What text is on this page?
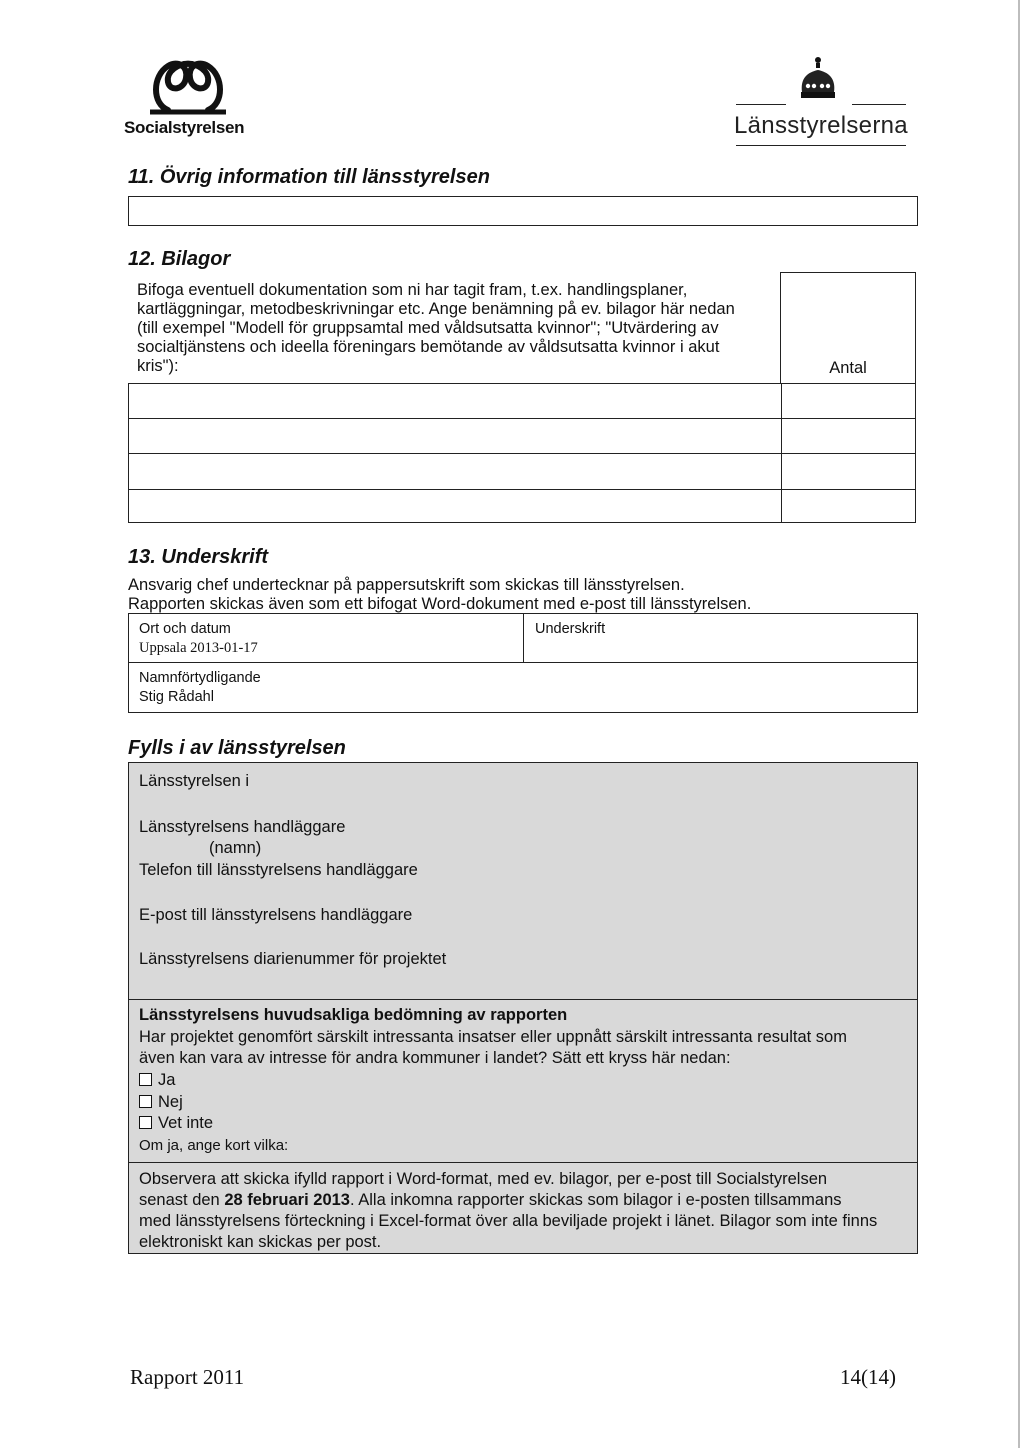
Socialstyrelsen	Länsstyrelserna
11. Övrig information till länsstyrelsen
12. Bilagor
Bifoga eventuell dokumentation som ni har tagit fram, t.ex. handlingsplaner,
kartläggningar, metodbeskrivningar etc. Ange benämning på ev. bilagor här nedan
(till exempel "Modell för gruppsamtal med våldsutsatta kvinnor"; "Utvärdering av
socialtjänstens och ideella föreningars bemötande av våldsutsatta kvinnor i akut
kris"):	Antal
13. Underskrift
Ansvarig chef undertecknar på pappersutskrift som skickas till länsstyrelsen.
Rapporten skickas även som ett bifogat Word-dokument med e-post till länsstyrelsen.
Ort och datum
Uppsala 2013-01-17
Underskrift
Namnförtydligande
Stig Rådahl
Fylls i av länsstyrelsen
Länsstyrelsen i
Länsstyrelsens handläggare
(namn)
Telefon till länsstyrelsens handläggare
E-post till länsstyrelsens handläggare
Länsstyrelsens diarienummer för projektet
Länsstyrelsens huvudsakliga bedömning av rapporten
Har projektet genomfört särskilt intressanta insatser eller uppnått särskilt intressanta resultat som
även kan vara av intresse för andra kommuner i landet? Sätt ett kryss här nedan:
Ja
Nej
Vet inte
Om ja, ange kort vilka:
Observera att skicka ifylld rapport i Word-format, med ev. bilagor, per e-post till Socialstyrelsen
senast den 28 februari 2013. Alla inkomna rapporter skickas som bilagor i e-posten tillsammans
med länsstyrelsens förteckning i Excel-format över alla beviljade projekt i länet. Bilagor som inte finns
elektroniskt kan skickas per post.
Rapport 2011	14(14)
